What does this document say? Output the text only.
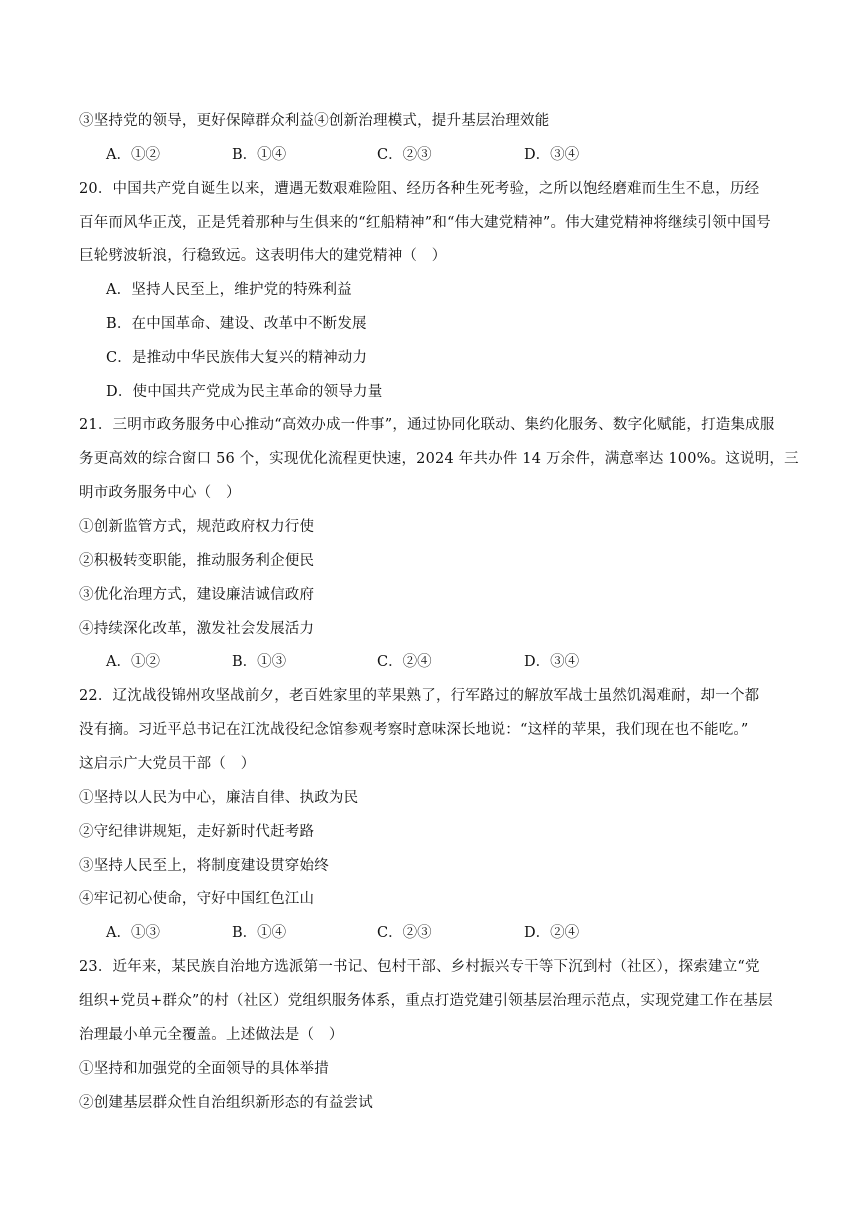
③坚持党的领导，更好保障群众利益④创新治理模式，提升基层治理效能
A．①②	B．①④	C．②③	D．③④
20．中国共产党自诞生以来，遭遇无数艰难险阻、经历各种生死考验，之所以饱经磨难而生生不息，历经
百年而风华正茂，正是凭着那种与生俱来的“红船精神”和“伟大建党精神”。伟大建党精神将继续引领中国号
巨轮劈波斩浪，行稳致远。这表明伟大的建党精神（　）
A．坚持人民至上，维护党的特殊利益
B．在中国革命、建设、改革中不断发展
C．是推动中华民族伟大复兴的精神动力
D．使中国共产党成为民主革命的领导力量
21．三明市政务服务中心推动“高效办成一件事”，通过协同化联动、集约化服务、数字化赋能，打造集成服
务更高效的综合窗口 56 个，实现优化流程更快速，2024 年共办件 14 万余件，满意率达 100%。这说明，三
明市政务服务中心（　）
①创新监管方式，规范政府权力行使
②积极转变职能，推动服务利企便民
③优化治理方式，建设廉洁诚信政府
④持续深化改革，激发社会发展活力
A．①②	B．①③	C．②④	D．③④
22．辽沈战役锦州攻坚战前夕，老百姓家里的苹果熟了，行军路过的解放军战士虽然饥渴难耐，却一个都
没有摘。习近平总书记在江沈战役纪念馆参观考察时意味深长地说：“这样的苹果，我们现在也不能吃。”
这启示广大党员干部（　）
①坚持以人民为中心，廉洁自律、执政为民
②守纪律讲规矩，走好新时代赶考路
③坚持人民至上，将制度建设贯穿始终
④牢记初心使命，守好中国红色江山
A．①③	B．①④	C．②③	D．②④
23．近年来，某民族自治地方选派第一书记、包村干部、乡村振兴专干等下沉到村（社区），探索建立“党
组织+党员+群众”的村（社区）党组织服务体系，重点打造党建引领基层治理示范点，实现党建工作在基层
治理最小单元全覆盖。上述做法是（　）
①坚持和加强党的全面领导的具体举措
②创建基层群众性自治组织新形态的有益尝试
